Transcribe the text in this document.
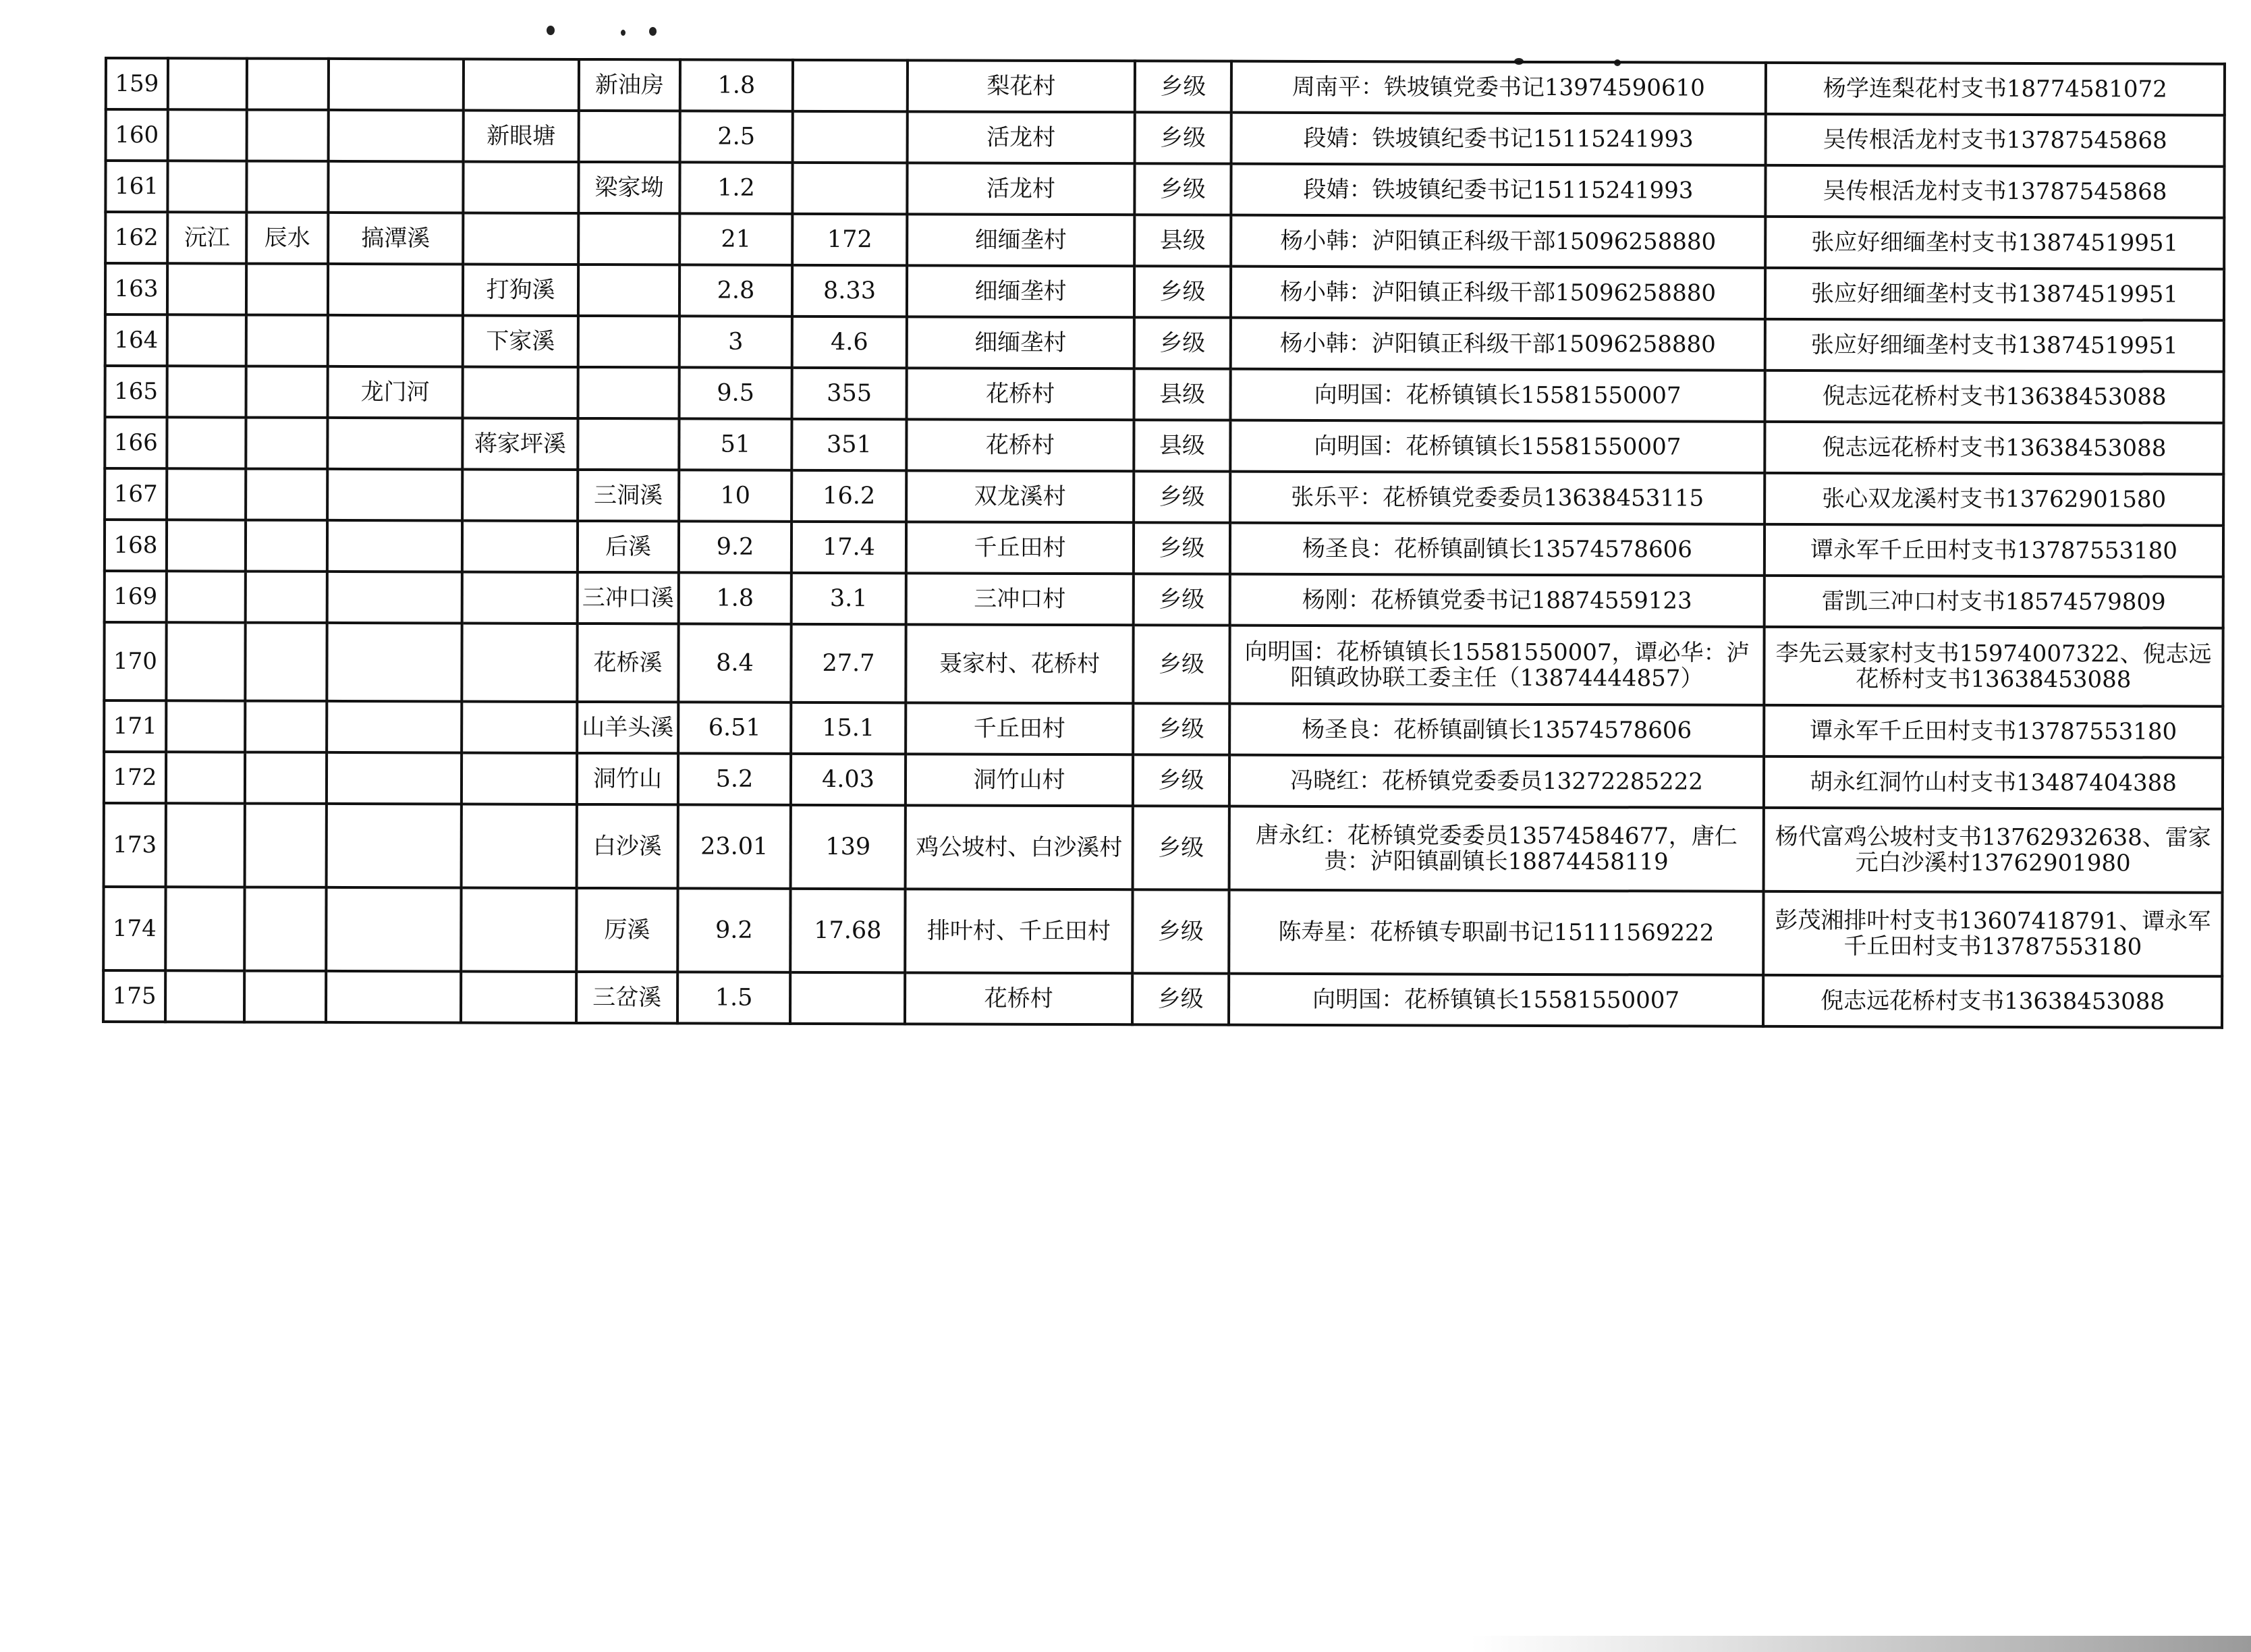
159					新油房	1.8		梨花村	乡级	周南平：铁坡镇党委书记13974590610	杨学连梨花村支书18774581072
160				新眼塘		2.5		活龙村	乡级	段婧：铁坡镇纪委书记15115241993	吴传根活龙村支书13787545868
161					梁家坳	1.2		活龙村	乡级	段婧：铁坡镇纪委书记15115241993	吴传根活龙村支书13787545868
162	沅江	辰水	搞潭溪			21	172	细缅垄村	县级	杨小韩：泸阳镇正科级干部15096258880	张应好细缅垄村支书13874519951
163				打狗溪		2.8	8.33	细缅垄村	乡级	杨小韩：泸阳镇正科级干部15096258880	张应好细缅垄村支书13874519951
164				下家溪		3	4.6	细缅垄村	乡级	杨小韩：泸阳镇正科级干部15096258880	张应好细缅垄村支书13874519951
165			龙门河			9.5	355	花桥村	县级	向明国：花桥镇镇长15581550007	倪志远花桥村支书13638453088
166				蒋家坪溪		51	351	花桥村	县级	向明国：花桥镇镇长15581550007	倪志远花桥村支书13638453088
167					三洞溪	10	16.2	双龙溪村	乡级	张乐平：花桥镇党委委员13638453115	张心双龙溪村支书13762901580
168					后溪	9.2	17.4	千丘田村	乡级	杨圣良：花桥镇副镇长13574578606	谭永军千丘田村支书13787553180
169					三冲口溪	1.8	3.1	三冲口村	乡级	杨刚：花桥镇党委书记18874559123	雷凯三冲口村支书18574579809
170					花桥溪	8.4	27.7	聂家村、花桥村	乡级	向明国：花桥镇镇长15581550007，谭必华：泸阳镇政协联工委主任（13874444857）	李先云聂家村支书15974007322、倪志远花桥村支书13638453088
171					山羊头溪	6.51	15.1	千丘田村	乡级	杨圣良：花桥镇副镇长13574578606	谭永军千丘田村支书13787553180
172					洞竹山	5.2	4.03	洞竹山村	乡级	冯晓红：花桥镇党委委员13272285222	胡永红洞竹山村支书13487404388
173					白沙溪	23.01	139	鸡公坡村、白沙溪村	乡级	唐永红：花桥镇党委委员13574584677，唐仁贵：泸阳镇副镇长18874458119	杨代富鸡公坡村支书13762932638、雷家元白沙溪村13762901980
174					厉溪	9.2	17.68	排叶村、千丘田村	乡级	陈寿星：花桥镇专职副书记15111569222	彭茂湘排叶村支书13607418791、谭永军千丘田村支书13787553180
175					三岔溪	1.5		花桥村	乡级	向明国：花桥镇镇长15581550007	倪志远花桥村支书13638453088
